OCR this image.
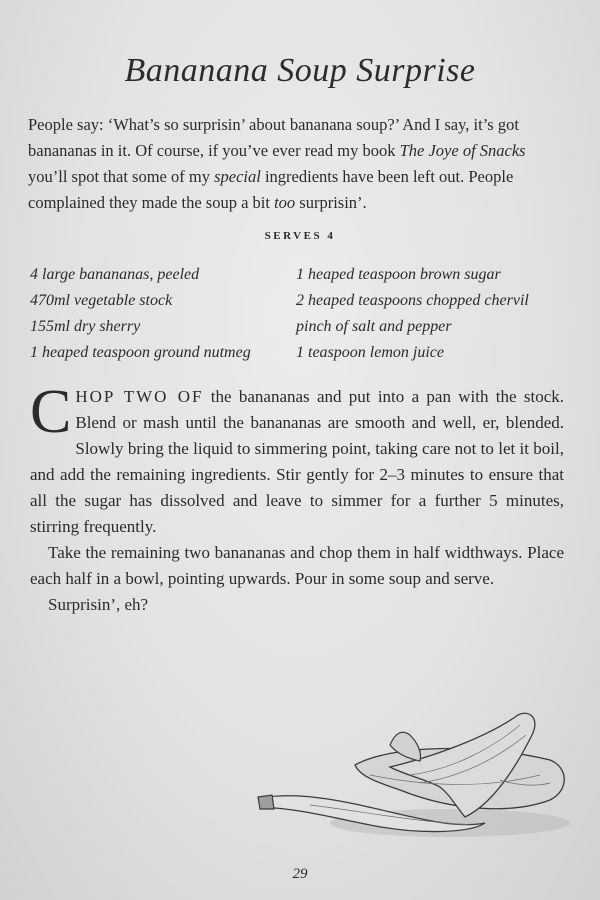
Bananana Soup Surprise

People say: ‘What’s so surprisin’ about bananana soup?’ And I say, it’s got banananas in it. Of course, if you’ve ever read my book The Joye of Snacks you’ll spot that some of my special ingredients have been left out. People complained they made the soup a bit too surprisin’.

SERVES 4
4 large banananas, peeled
470ml vegetable stock
155ml dry sherry
1 heaped teaspoon ground nutmeg
1 heaped teaspoon brown sugar
2 heaped teaspoons chopped chervil
pinch of salt and pepper
1 teaspoon lemon juice

CHOP TWO OF the banananas and put into a pan with the stock. Blend or mash until the banananas are smooth and well, er, blended. Slowly bring the liquid to simmering point, taking care not to let it boil, and add the remaining ingredients. Stir gently for 2–3 minutes to ensure that all the sugar has dissolved and leave to simmer for a further 5 minutes, stirring frequently.

Take the remaining two banananas and chop them in half widthways. Place each half in a bowl, pointing upwards. Pour in some soup and serve.

Surprisin’, eh?

29
